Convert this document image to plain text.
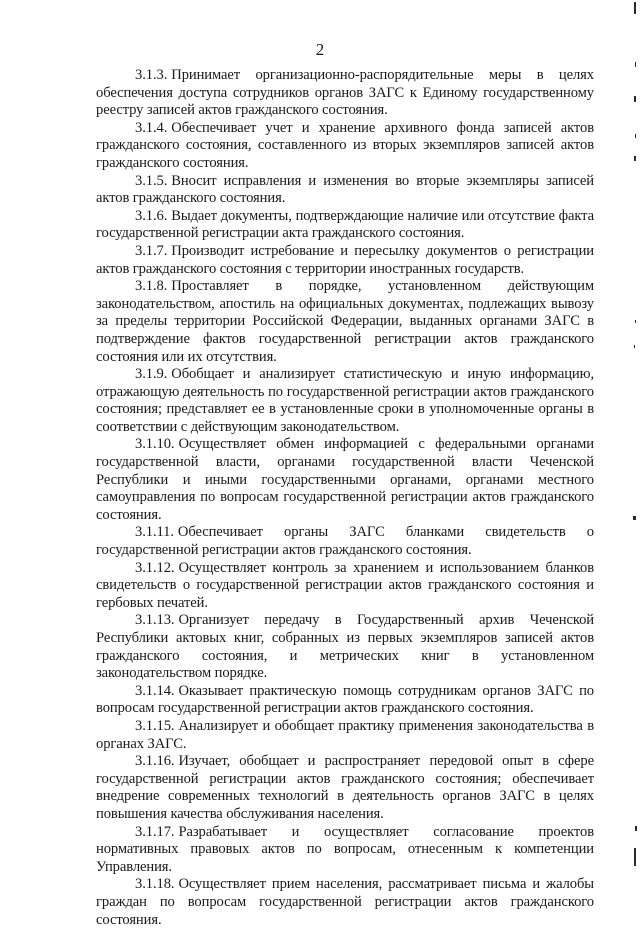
2

3.1.3. Принимает организационно-распорядительные меры в целях обеспечения доступа сотрудников органов ЗАГС к Единому государственному реестру записей актов гражданского состояния.

3.1.4. Обеспечивает учет и хранение архивного фонда записей актов гражданского состояния, составленного из вторых экземпляров записей актов гражданского состояния.

3.1.5. Вносит исправления и изменения во вторые экземпляры записей актов гражданского состояния.

3.1.6. Выдает документы, подтверждающие наличие или отсутствие факта государственной регистрации акта гражданского состояния.

3.1.7. Производит истребование и пересылку документов о регистрации актов гражданского состояния с территории иностранных государств.

3.1.8. Проставляет в порядке, установленном действующим законодательством, апостиль на официальных документах, подлежащих вывозу за пределы территории Российской Федерации, выданных органами ЗАГС в подтверждение фактов государственной регистрации актов гражданского состояния или их отсутствия.

3.1.9. Обобщает и анализирует статистическую и иную информацию, отражающую деятельность по государственной регистрации актов гражданского состояния; представляет ее в установленные сроки в уполномоченные органы в соответствии с действующим законодательством.

3.1.10. Осуществляет обмен информацией с федеральными органами государственной власти, органами государственной власти Чеченской Республики и иными государственными органами, органами местного самоуправления по вопросам государственной регистрации актов гражданского состояния.

3.1.11. Обеспечивает органы ЗАГС бланками свидетельств о государственной регистрации актов гражданского состояния.

3.1.12. Осуществляет контроль за хранением и использованием бланков свидетельств о государственной регистрации актов гражданского состояния и гербовых печатей.

3.1.13. Организует передачу в Государственный архив Чеченской Республики актовых книг, собранных из первых экземпляров записей актов гражданского состояния, и метрических книг в установленном законодательством порядке.

3.1.14. Оказывает практическую помощь сотрудникам органов ЗАГС по вопросам государственной регистрации актов гражданского состояния.

3.1.15. Анализирует и обобщает практику применения законодательства в органах ЗАГС.

3.1.16. Изучает, обобщает и распространяет передовой опыт в сфере государственной регистрации актов гражданского состояния; обеспечивает внедрение современных технологий в деятельность органов ЗАГС в целях повышения качества обслуживания населения.

3.1.17. Разрабатывает и осуществляет согласование проектов нормативных правовых актов по вопросам, отнесенным к компетенции Управления.

3.1.18. Осуществляет прием населения, рассматривает письма и жалобы граждан по вопросам государственной регистрации актов гражданского состояния.
